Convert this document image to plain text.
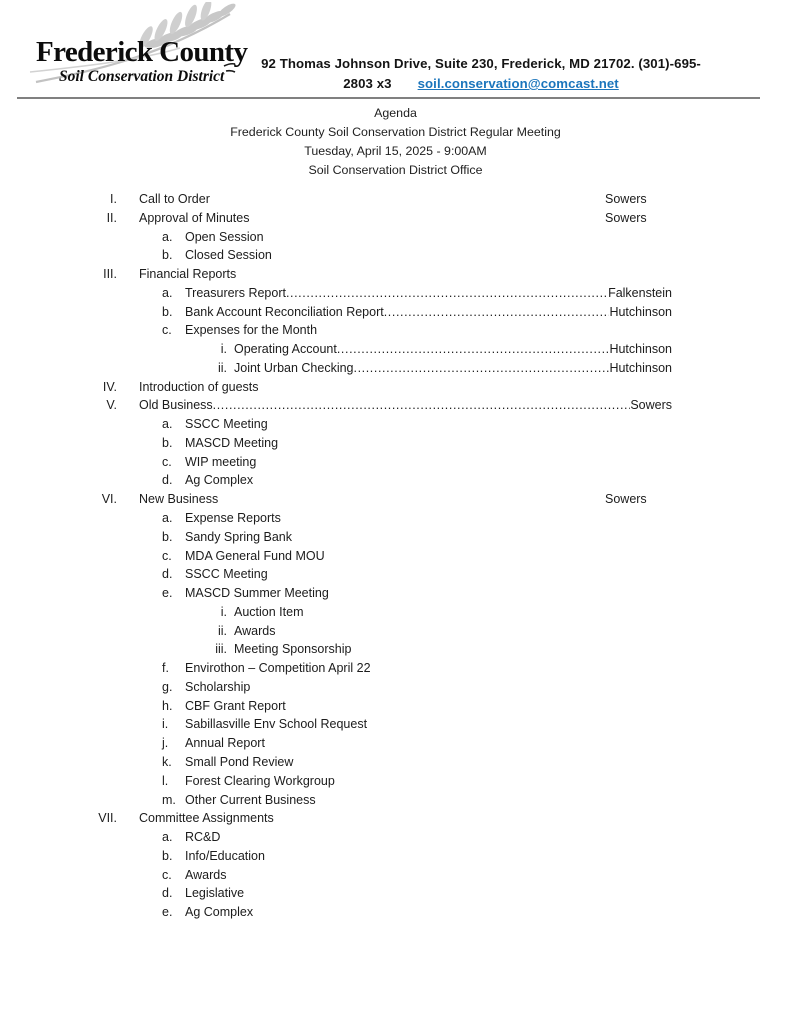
Frederick County
Soil Conservation District
92 Thomas Johnson Drive, Suite 230, Frederick, MD 21702. (301)-695-
2803 x3 soil.conservation@comcast.net
Agenda
Frederick County Soil Conservation District Regular Meeting
Tuesday, April 15, 2025 - 9:00AM
Soil Conservation District Office
I.	Call to Order	Sowers
II.	Approval of Minutes	Sowers
a.	Open Session
b.	Closed Session
III.	Financial Reports
a.	Treasurers Report .....	Falkenstein
b.	Bank Account Reconciliation Report .....	Hutchinson
c.	Expenses for the Month
i. Operating Account .....	Hutchinson
ii. Joint Urban Checking .....	Hutchinson
IV.	Introduction of guests
V.	Old Business .....	Sowers
a.	SSCC Meeting
b.	MASCD Meeting
c.	WIP meeting
d.	Ag Complex
VI.	New Business	Sowers
a.	Expense Reports
b.	Sandy Spring Bank
c.	MDA General Fund MOU
d.	SSCC Meeting
e.	MASCD Summer Meeting
i. Auction Item
ii. Awards
iii. Meeting Sponsorship
f.	Envirothon – Competition April 22
g.	Scholarship
h.	CBF Grant Report
i.	Sabillasville Env School Request
j.	Annual Report
k.	Small Pond Review
l.	Forest Clearing Workgroup
m. Other Current Business
VII.	Committee Assignments
a.	RC&D
b.	Info/Education
c.	Awards
d.	Legislative
e.	Ag Complex
